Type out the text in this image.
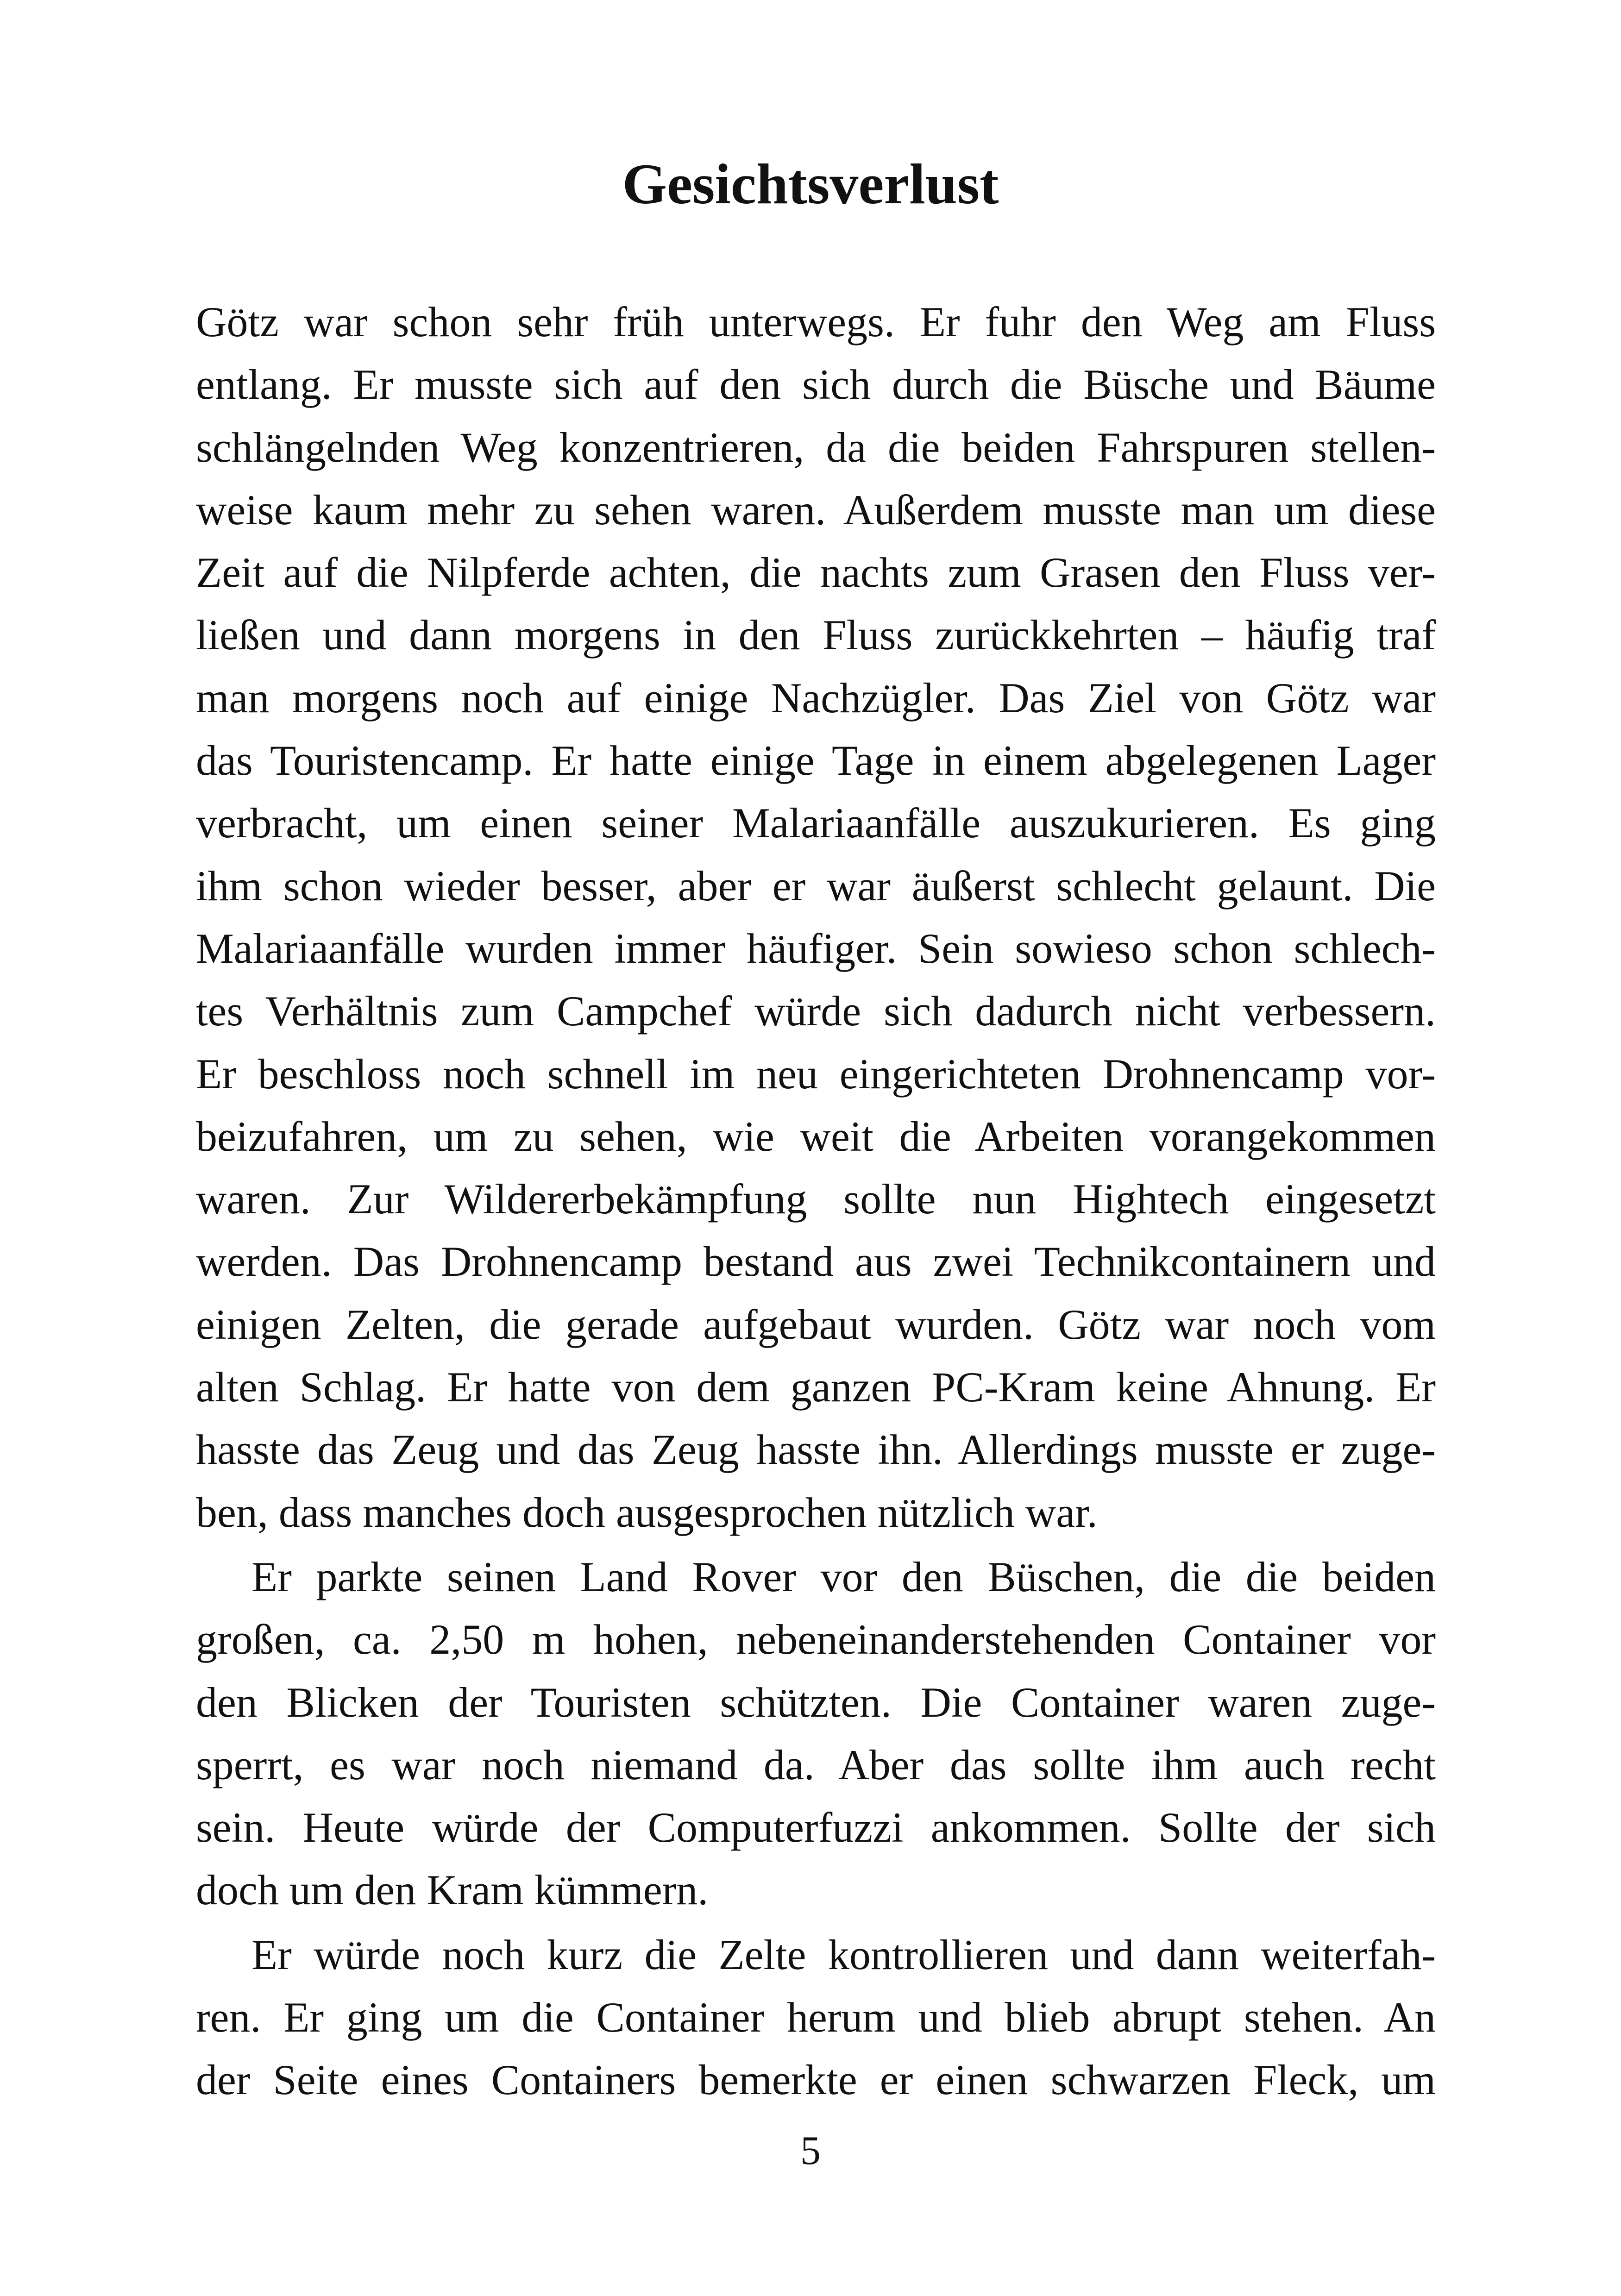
Gesichtsverlust
Götz war schon sehr früh unterwegs. Er fuhr den Weg am Fluss
entlang. Er musste sich auf den sich durch die Büsche und Bäume
schlängelnden Weg konzentrieren, da die beiden Fahrspuren stellen-
weise kaum mehr zu sehen waren. Außerdem musste man um diese
Zeit auf die Nilpferde achten, die nachts zum Grasen den Fluss ver-
ließen und dann morgens in den Fluss zurückkehrten – häufig traf
man morgens noch auf einige Nachzügler. Das Ziel von Götz war
das Touristencamp. Er hatte einige Tage in einem abgelegenen Lager
verbracht, um einen seiner Malariaanfälle auszukurieren. Es ging
ihm schon wieder besser, aber er war äußerst schlecht gelaunt. Die
Malariaanfälle wurden immer häufiger. Sein sowieso schon schlech-
tes Verhältnis zum Campchef würde sich dadurch nicht verbessern.
Er beschloss noch schnell im neu eingerichteten Drohnencamp vor-
beizufahren, um zu sehen, wie weit die Arbeiten vorangekommen
waren. Zur Wildererbekämpfung sollte nun Hightech eingesetzt
werden. Das Drohnencamp bestand aus zwei Technikcontainern und
einigen Zelten, die gerade aufgebaut wurden. Götz war noch vom
alten Schlag. Er hatte von dem ganzen PC-Kram keine Ahnung. Er
hasste das Zeug und das Zeug hasste ihn. Allerdings musste er zuge-
ben, dass manches doch ausgesprochen nützlich war.
Er parkte seinen Land Rover vor den Büschen, die die beiden
großen, ca. 2,50 m hohen, nebeneinanderstehenden Container vor
den Blicken der Touristen schützten. Die Container waren zuge-
sperrt, es war noch niemand da. Aber das sollte ihm auch recht
sein. Heute würde der Computerfuzzi ankommen. Sollte der sich
doch um den Kram kümmern.
Er würde noch kurz die Zelte kontrollieren und dann weiterfah-
ren. Er ging um die Container herum und blieb abrupt stehen. An
der Seite eines Containers bemerkte er einen schwarzen Fleck, um
5
